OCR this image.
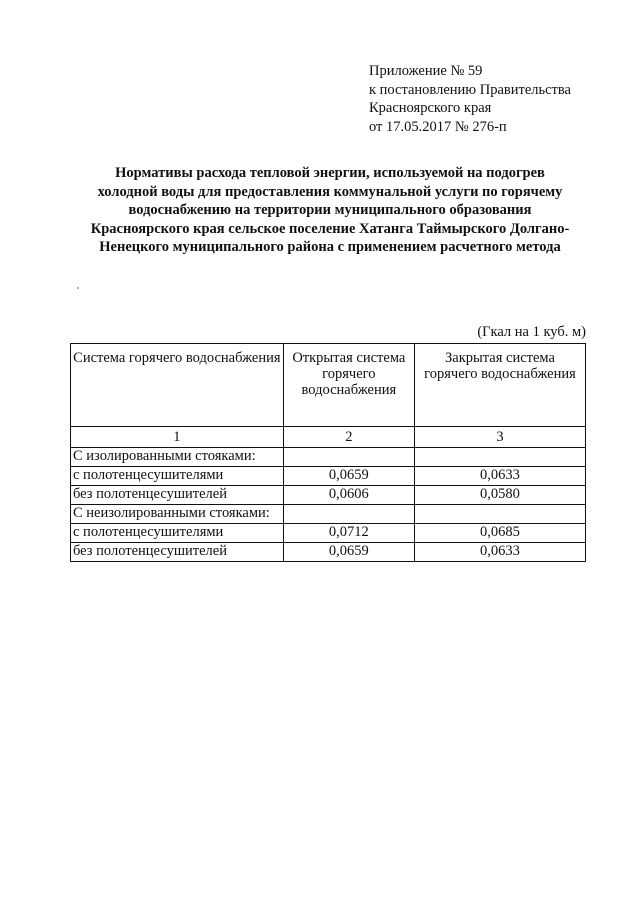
Приложение № 59
к постановлению Правительства
Красноярского края
от 17.05.2017 № 276-п
Нормативы расхода тепловой энергии, используемой на подогрев
холодной воды для предоставления коммунальной услуги по горячему
водоснабжению на территории муниципального образования
Красноярского края сельское поселение Хатанга Таймырского Долгано-
Ненецкого муниципального района с применением расчетного метода
(Гкал на 1 куб. м)
Система горячего водоснабжения	Открытая система горячего водоснабжения	Закрытая система горячего водоснабжения
1	2	3
С изолированными стояками:		
с полотенцесушителями	0,0659	0,0633
без полотенцесушителей	0,0606	0,0580
С неизолированными стояками:		
с полотенцесушителями	0,0712	0,0685
без полотенцесушителей	0,0659	0,0633
